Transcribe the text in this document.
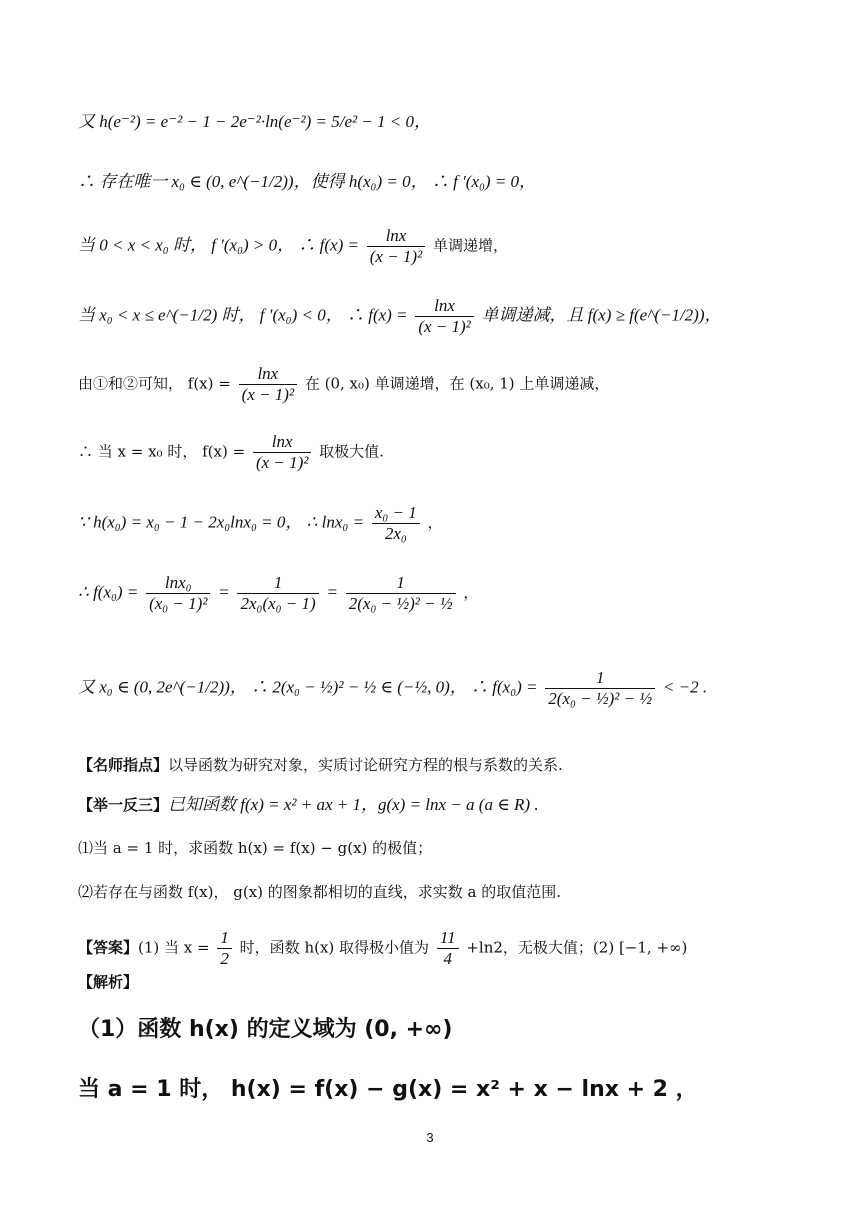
又 h(e⁻²) = e⁻² − 1 − 2e⁻²·ln(e⁻²) = 5/e² − 1 < 0，
∴ 存在唯一 x₀ ∈ (0, e^(−1/2))，使得 h(x₀) = 0， ∴ f ′(x₀) = 0，
当 0 < x < x₀ 时， f ′(x₀) > 0， ∴ $f(x) = \frac{\ln x}{\text{(x − 1)²}}$ 单调递增，
当 x₀ < x ≤ e^(−1/2) 时， f ′(x₀) < 0， ∴ $f(x) = \frac{\ln x}{\text{(x − 1)²}}$ 单调递减，且 f(x) ≥ f(e^(−1/2))，
由①和②可知， $f(x) = \frac{\ln x}{\text{(x − 1)²}}$ 在 (0, x₀) 单调递增，在 (x₀, 1) 上单调递减，
∴ 当 x = x₀ 时， $f(x) = \frac{\ln x}{\text{(x − 1)²}}$ 取极大值.
∵ h(x₀) = x₀ − 1 − 2x₀lnx₀ = 0， ∴ $\ln x_0 = \frac{\text{x₀ − 1}}{\text{2x₀}}$ ，
∴ $f(x_0) = \frac{\text{lnx₀}}{\text{(x₀ − 1)²}} = \frac{1}{\text{2x₀(x₀ − 1)}} = \frac{1}{\text{2(x₀ − ½)² − ½}}$ ，
又 x₀ ∈ (0, 2e^(−1/2))， ∴ 2(x₀ − ½)² − ½ ∈ (−½, 0)， ∴ $f(x_0) = \frac{1}{\text{2(x₀ − ½)² − ½}} < -2$ .
【名师指点】以导函数为研究对象，实质讨论研究方程的根与系数的关系.
【举一反三】已知函数 f(x) = x² + ax + 1，g(x) = lnx − a (a ∈ R) .
⑴当 a = 1 时，求函数 h(x) = f(x) − g(x) 的极值；
⑵若存在与函数 f(x)， g(x) 的图象都相切的直线，求实数 a 的取值范围.
【答案】(1) 当 $x = \frac{1}{2}$ 时，函数 h(x) 取得极小值为 $\frac{11}{4} +\ln 2$，无极大值；(2) [−1, +∞)
【解析】
（1）函数 h(x) 的定义域为 (0, +∞)
当 a = 1 时， h(x) = f(x) − g(x) = x² + x − lnx + 2 ，
3
